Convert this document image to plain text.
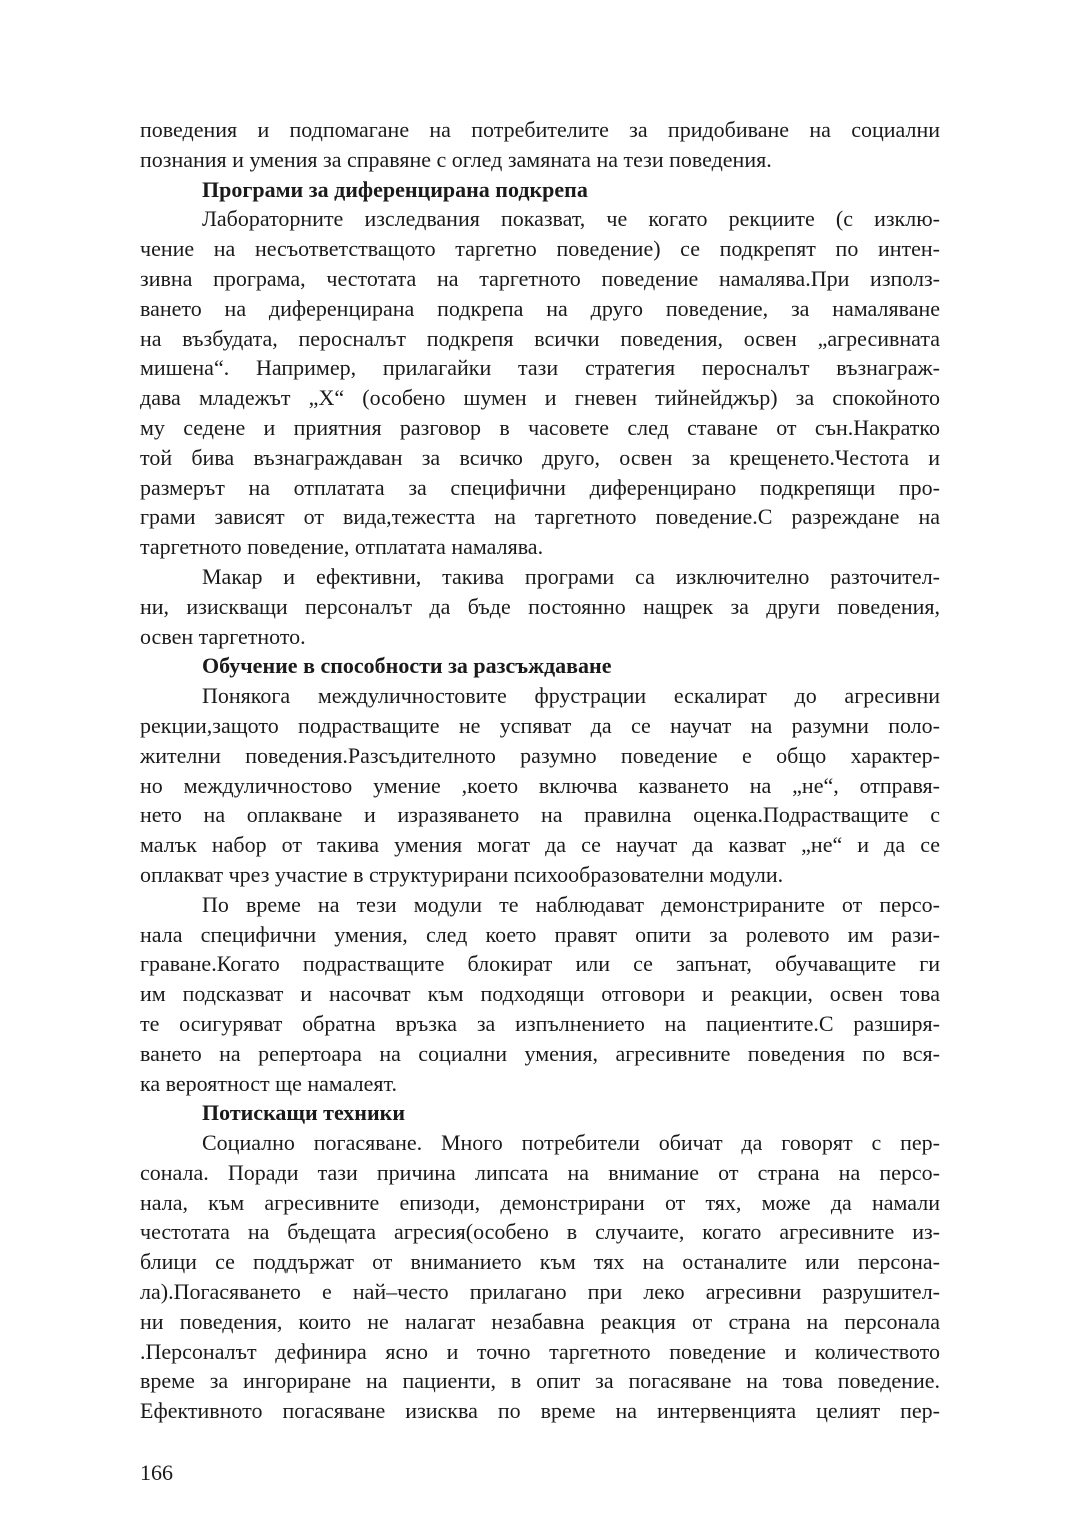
поведения и подпомагане на потребителите за придобиване на социални
познания и умения за справяне с оглед замяната на тези поведения.
Програми за диференцирана подкрепа
Лабораторните изследвания показват, че когато рекциите (с изклю-
чение на несъответстващото таргетно поведение) се подкрепят по интен-
зивна програма, честотата на таргетното поведение намалява.При използ-
ването на диференцирана подкрепа на друго поведение, за намаляване
на възбудата, перосналът подкрепя всички поведения, освен „агресивната
мишена“. Например, прилагайки тази стратегия перосналът възнаграж-
дава младежът „Х“ (особено шумен и гневен тийнейджър) за спокойното
му седене и приятния разговор в часовете след ставане от сън.Накратко
той бива възнаграждаван за всичко друго, освен за крещенето.Честота и
размерът на отплатата за специфични диференцирано подкрепящи про-
грами зависят от вида,тежестта на таргетното поведение.С разреждане на
таргетното поведение, отплатата намалява.
Макар и ефективни, такива програми са изключително разточител-
ни, изискващи персоналът да бъде постоянно нащрек за други поведения,
освен таргетното.
Обучение в способности за разсъждаване
Понякога междуличностовите фрустрации ескалират до агресивни
рекции,защото подрастващите не успяват да се научат на разумни поло-
жителни поведения.Разсъдителното разумно поведение е общо характер-
но междуличностово умение ,което включва казването на „не“, отправя-
нето на оплакване и изразяването на правилна оценка.Подрастващите с
малък набор от такива умения могат да се научат да казват „не“ и да се
оплакват чрез участие в структурирани психообразователни модули.
По време на тези модули те наблюдават демонстрираните от персо-
нала специфични умения, след което правят опити за ролевото им рази-
грaване.Когато подрастващите блокират или се запънат, обучаващите ги
им подсказват и насочват към подходящи отговори и реакции, освен това
те осигуряват обратна връзка за изпълнението на пациентите.С разширя-
ването на репертоара на социални умения, агресивните поведения по вся-
ка вероятност ще намалеят.
Потискащи техники
Социално погасяване. Много потребители обичат да говорят с пер-
сонала. Поради тази причина липсата на внимание от страна на персо-
нала, към агресивните епизоди, демонстрирани от тях, може да намали
честотата на бъдещата агресия(особено в случаите, когато агресивните из-
блици се поддържат от вниманието към тях на останалите или персона-
ла).Погасяването е най–често прилагано при леко агресивни разрушител-
ни поведения, които не налагат незабавна реакция от страна на персонала
.Персоналът дефинира ясно и точно таргетното поведение и количеството
време за ингориране на пациенти, в опит за погасяване на това поведение.
Ефективното погасяване изисква по време на интервенцията целият пер-
166
